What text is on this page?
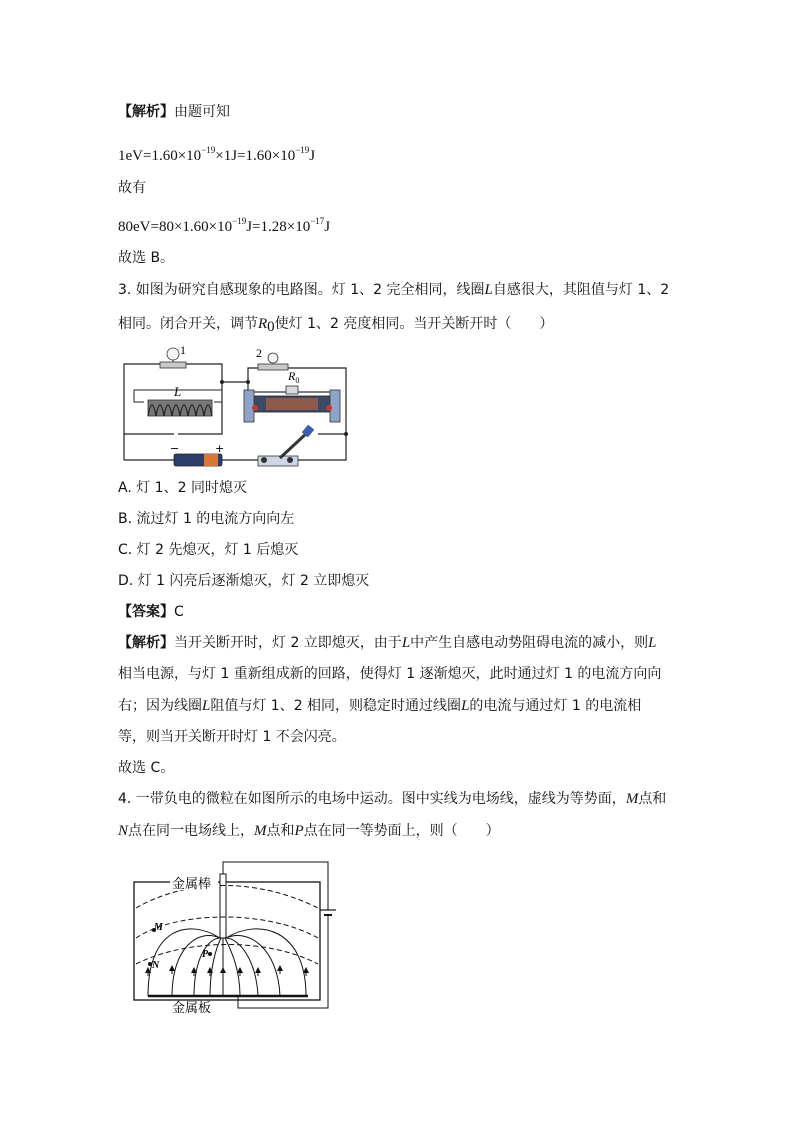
【解析】由题可知
$1eV=1.60\times 10^{-19}\times 1J=1.60\times 10^{-19}J$
故有
$80eV=80\times 1.60\times 10^{-19}J=1.28\times 10^{-17}J$
故选 B。
3. 如图为研究自感现象的电路图。灯 1、2 完全相同，线圈L自感很大，其阻值与灯 1、2
相同。闭合开关，调节$R_0$使灯 1、2 亮度相同。当开关断开时（　　）
1	2
L
$R_0$
−	+
A. 灯 1、2 同时熄灭
B. 流过灯 1 的电流方向向左
C. 灯 2 先熄灭，灯 1 后熄灭
D. 灯 1 闪亮后逐渐熄灭，灯 2 立即熄灭
【答案】C
【解析】当开关断开时，灯 2 立即熄灭，由于L中产生自感电动势阻碍电流的减小，则L
相当电源，与灯 1 重新组成新的回路，使得灯 1 逐渐熄灭，此时通过灯 1 的电流方向向
右；因为线圈L阻值与灯 1、2 相同，则稳定时通过线圈L的电流与通过灯 1 的电流相
等，则当开关断开时灯 1 不会闪亮。
故选 C。
4. 一带负电的微粒在如图所示的电场中运动。图中实线为电场线，虚线为等势面，M点和
N点在同一电场线上，M点和P点在同一等势面上，则（　　）
M
N
P
金属棒
金属板
